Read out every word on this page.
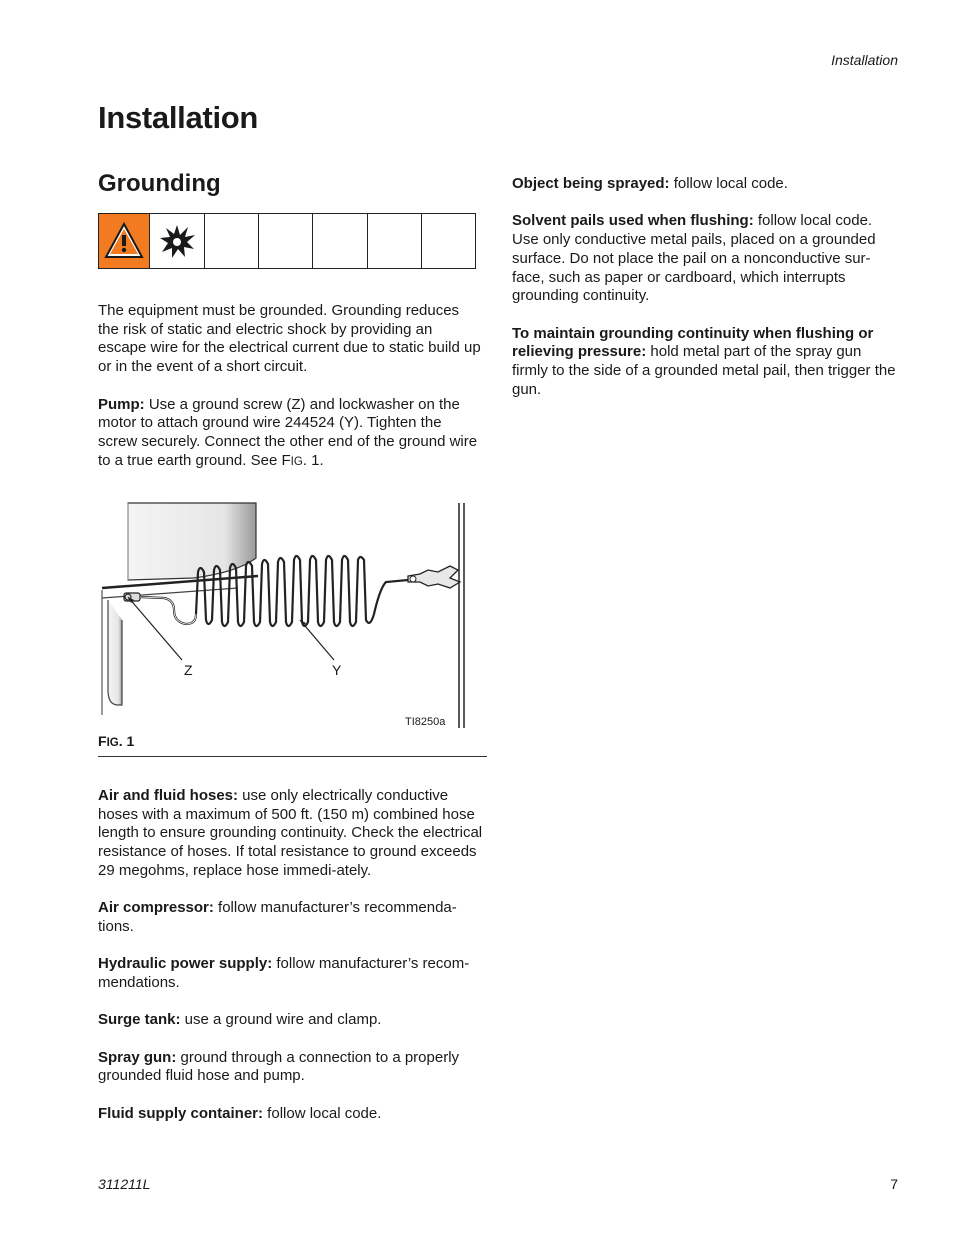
Installation
Installation
Grounding

The equipment must be grounded. Grounding reduces the risk of static and electric shock by providing an escape wire for the electrical current due to static build up or in the event of a short circuit.

Pump: Use a ground screw (Z) and lockwasher on the motor to attach ground wire 244524 (Y). Tighten the screw securely. Connect the other end of the ground wire to a true earth ground. See FIG. 1.

Z	Y
TI8250a
FIG. 1

Air and fluid hoses: use only electrically conductive hoses with a maximum of 500 ft. (150 m) combined hose length to ensure grounding continuity. Check the electrical resistance of hoses. If total resistance to ground exceeds 29 megohms, replace hose immedi-ately.

Air compressor: follow manufacturer’s recommenda-tions.

Hydraulic power supply: follow manufacturer’s recom-mendations.

Surge tank: use a ground wire and clamp.

Spray gun: ground through a connection to a properly grounded fluid hose and pump.

Fluid supply container: follow local code.

Object being sprayed: follow local code.

Solvent pails used when flushing: follow local code. Use only conductive metal pails, placed on a grounded surface. Do not place the pail on a nonconductive sur-face, such as paper or cardboard, which interrupts grounding continuity.

To maintain grounding continuity when flushing or relieving pressure: hold metal part of the spray gun firmly to the side of a grounded metal pail, then trigger the gun.

311211L	7
